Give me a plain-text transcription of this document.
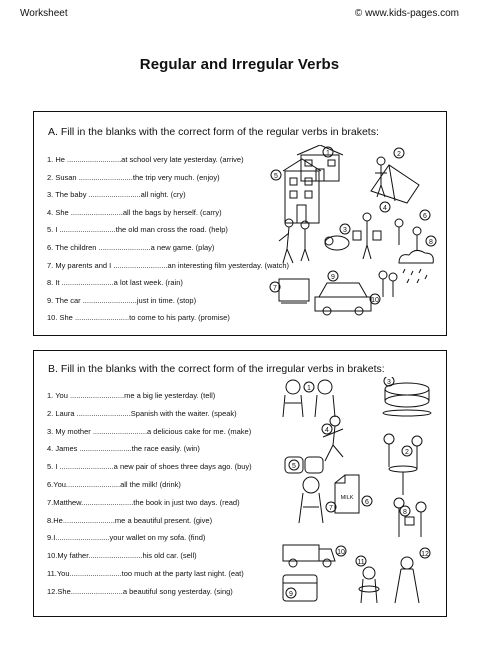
Worksheet	© www.kids-pages.com
Regular and Irregular Verbs
A. Fill in the blanks with the correct form of the regular verbs in brakets:
1. He ..........................at school very late yesterday. (arrive)
2. Susan ..........................the trip very much. (enjoy)
3. The baby .........................all night. (cry)
4. She .........................all the bags by herself. (carry)
5. I ...........................the old man cross the road. (help)
6. The children .........................a new game. (play)
7. My parents and I ..........................an interesting film yesterday. (watch)
8. It .........................a lot last week. (rain)
9. The car ..........................just in time. (stop)
10. She ..........................to come to his party. (promise)
1	2
3
4
5
6
7
8
9
10
B. Fill in the blanks with the correct form of the irregular verbs in brakets:
1. You ..........................me a big lie yesterday. (tell)
2. Laura ..........................Spanish with the waiter. (speak)
3. My mother ..........................a delicious cake for me. (make)
4. James .........................the race easily. (win)
5. I ..........................a new pair of shoes three days ago. (buy)
6.You..........................all the milk! (drink)
7.Matthew.........................the book in just two days. (read)
8.He.........................me a beautiful present. (give)
9.I..........................your wallet on my sofa. (find)
10.My father..........................his old car. (sell)
11.You.........................too much at the party last night. (eat)
12.She.........................a beautiful song yesterday. (sing)
MILK
1
2
3
4
5
6
7
8
9
10
11
12
